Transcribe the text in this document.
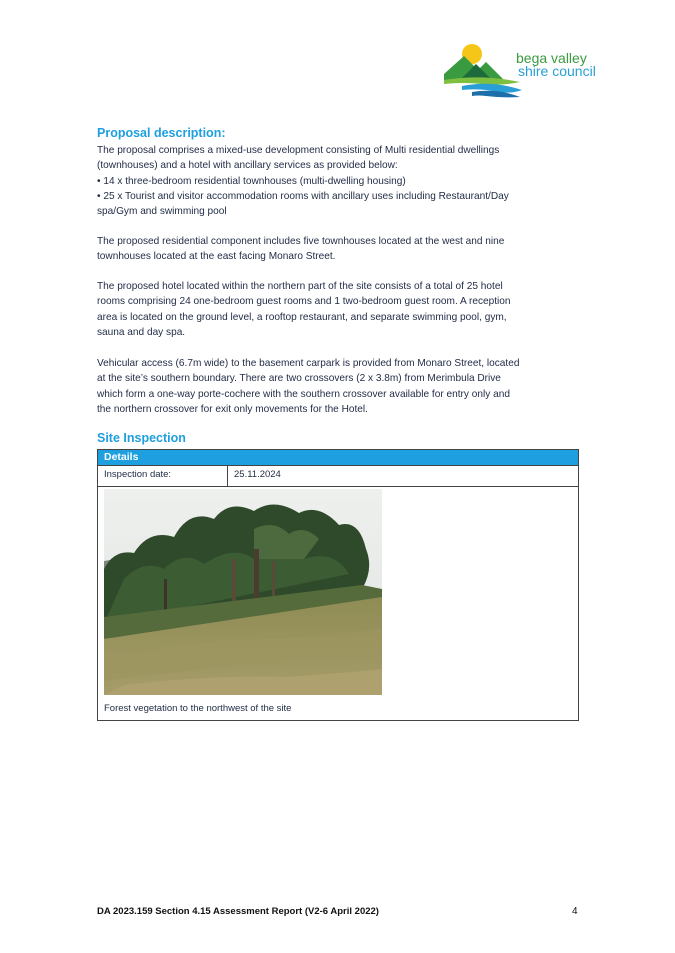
bega valley
shire council
Proposal description:

The proposal comprises a mixed-use development consisting of Multi residential dwellings

(townhouses) and a hotel with ancillary services as provided below:

• 14 x three-bedroom residential townhouses (multi-dwelling housing)

• 25 x Tourist and visitor accommodation rooms with ancillary uses including Restaurant/Day

spa/Gym and swimming pool

The proposed residential component includes five townhouses located at the west and nine

townhouses located at the east facing Monaro Street.

The proposed hotel located within the northern part of the site consists of a total of 25 hotel

rooms comprising 24 one-bedroom guest rooms and 1 two-bedroom guest room. A reception

area is located on the ground level, a rooftop restaurant, and separate swimming pool, gym,

sauna and day spa.

Vehicular access (6.7m wide) to the basement carpark is provided from Monaro Street, located

at the site’s southern boundary. There are two crossovers (2 x 3.8m) from Merimbula Drive

which form a one-way porte-cochere with the southern crossover available for entry only and

the northern crossover for exit only movements for the Hotel.

Site Inspection
Details
Inspection date:	25.11.2024
Forest vegetation to the northwest of the site
DA 2023.159 Section 4.15 Assessment Report (V2-6 April 2022)	4
